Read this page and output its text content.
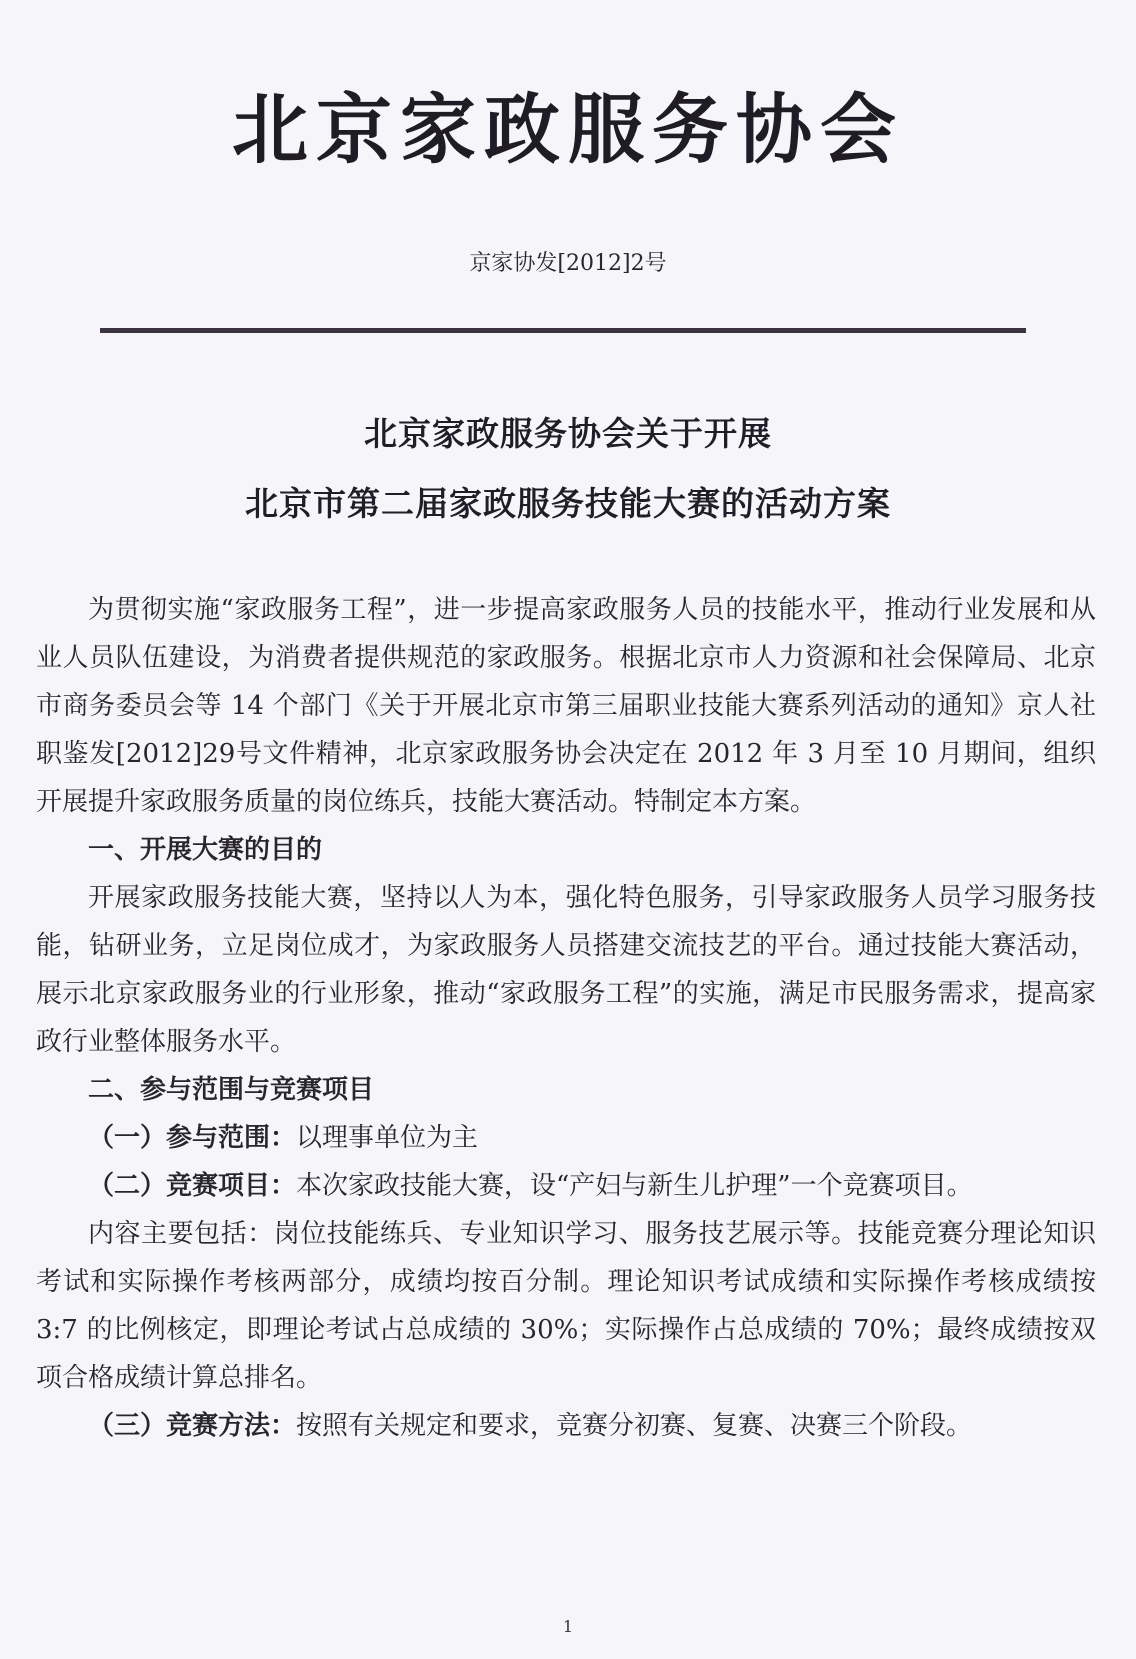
北京家政服务协会
京家协发[2012]2号
北京家政服务协会关于开展
北京市第二届家政服务技能大赛的活动方案

为贯彻实施“家政服务工程”，进一步提高家政服务人员的技能水平，推动行业发展和从业人员队伍建设，为消费者提供规范的家政服务。根据北京市人力资源和社会保障局、北京市商务委员会等 14 个部门《关于开展北京市第三届职业技能大赛系列活动的通知》京人社职鉴发[2012]29号文件精神，北京家政服务协会决定在 2012 年 3 月至 10 月期间，组织开展提升家政服务质量的岗位练兵，技能大赛活动。特制定本方案。

一、开展大赛的目的

开展家政服务技能大赛，坚持以人为本，强化特色服务，引导家政服务人员学习服务技能，钻研业务，立足岗位成才，为家政服务人员搭建交流技艺的平台。通过技能大赛活动，展示北京家政服务业的行业形象，推动“家政服务工程”的实施，满足市民服务需求，提高家政行业整体服务水平。

二、参与范围与竞赛项目

（一）参与范围：以理事单位为主

（二）竞赛项目：本次家政技能大赛，设“产妇与新生儿护理”一个竞赛项目。

内容主要包括：岗位技能练兵、专业知识学习、服务技艺展示等。技能竞赛分理论知识考试和实际操作考核两部分，成绩均按百分制。理论知识考试成绩和实际操作考核成绩按 3:7 的比例核定，即理论考试占总成绩的 30%；实际操作占总成绩的 70%；最终成绩按双项合格成绩计算总排名。

（三）竞赛方法：按照有关规定和要求，竞赛分初赛、复赛、决赛三个阶段。

1
